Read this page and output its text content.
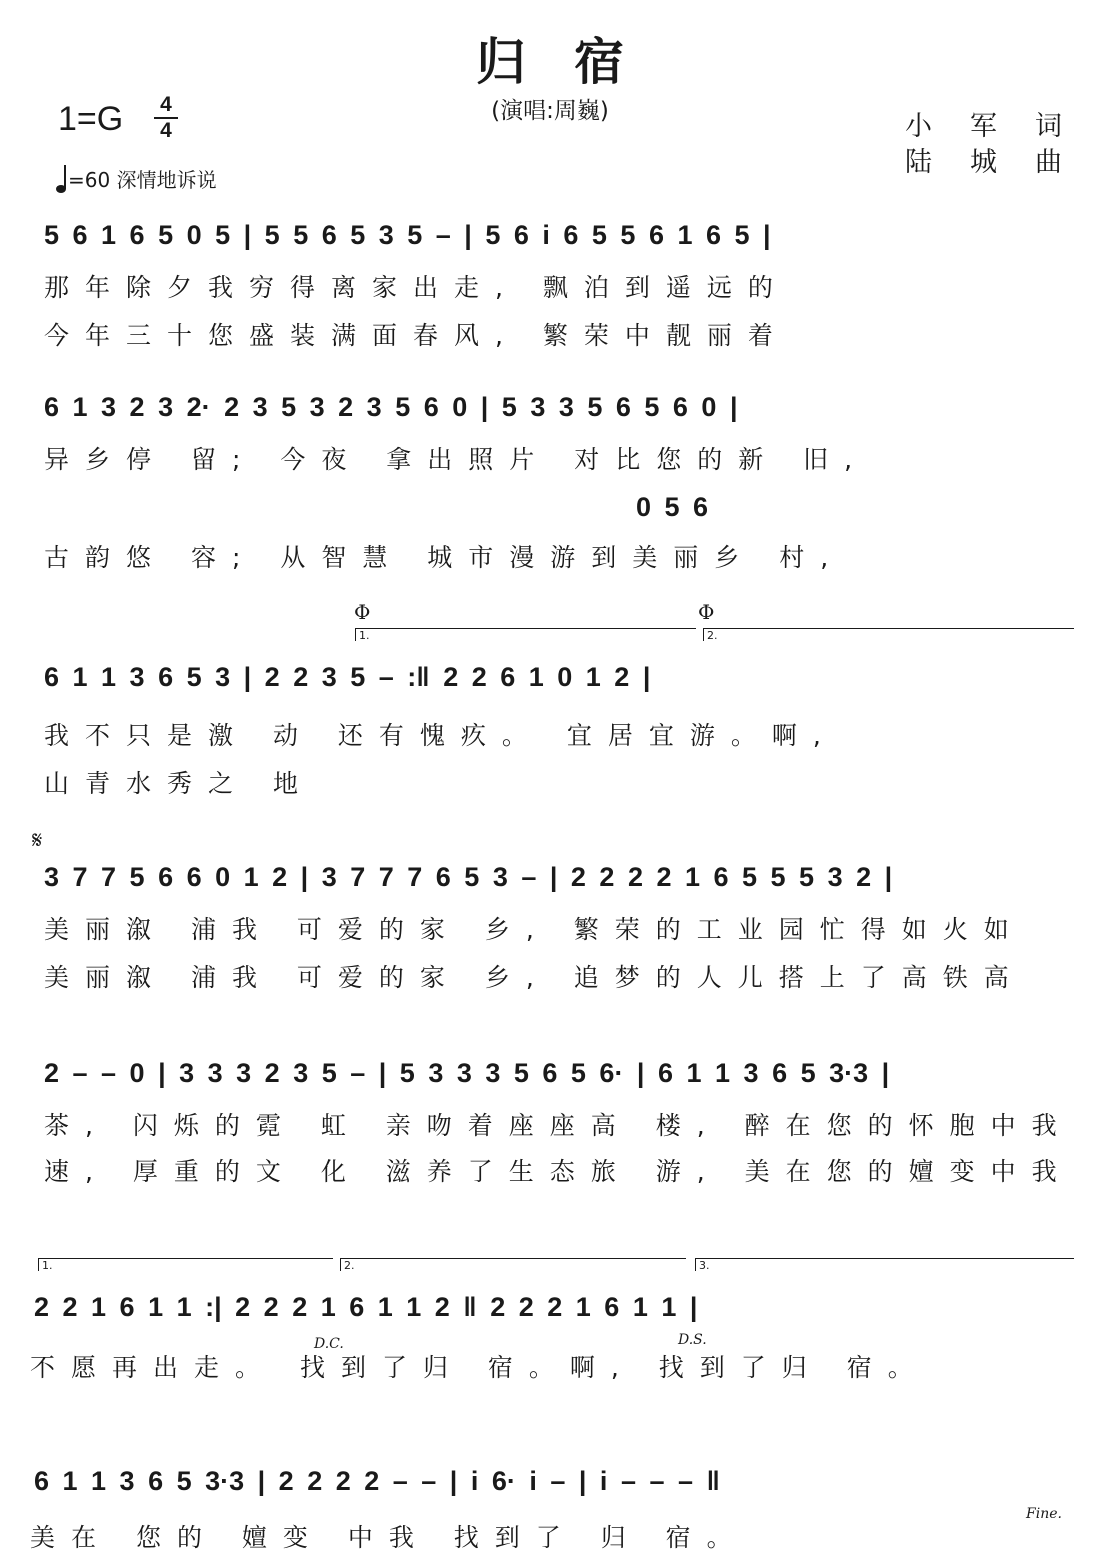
归宿
(演唱:周巍)
1=G 4
4	小军词
陆城曲
=60 深情地诉说
5 6 1 6 5 0 5 | 5 5 6 5 3 5 – | 5 6 i 6 5 5 6 1 6 5 |
那年除夕我穷得离家出走, 飘泊到遥远的
今年三十您盛装满面春风, 繁荣中靓丽着
6 1 3 2 3 2· 2 3 5 3 2 3 5 6 0 | 5 3 3 5 6 5 6 0 |
异乡停 留; 今夜 拿出照片 对比您的新 旧,
0 5 6
古韵悠 容; 从智慧 城市漫游到美丽乡 村,
Φ	Φ
1.	2.
6 1 1 3 6 5 3 | 2 2 3 5 – :‖ 2 2 6 1 0 1 2 |
我不只是激 动 还有愧疚。 宜居宜游。啊,
山青水秀之 地
𝄋
3 7 7 5 6 6 0 1 2 | 3 7 7 7 6 5 3 – | 2 2 2 2 1 6 5 5 5 3 2 |
美丽溆 浦我 可爱的家 乡, 繁荣的工业园忙得如火如
美丽溆 浦我 可爱的家 乡, 追梦的人儿搭上了高铁高
2 – – 0 | 3 3 3 2 3 5 – | 5 3 3 3 5 6 5 6· | 6 1 1 3 6 5 3·3 |
茶, 闪烁的霓 虹 亲吻着座座高 楼, 醉在您的怀胞中我
速, 厚重的文 化 滋养了生态旅 游, 美在您的嬗变中我
1.	2.	3.
2 2 1 6 1 1 :| 2 2 2 1 6 1 1 2 ‖ 2 2 2 1 6 1 1 |
D.C.	D.S.
不愿再出走。 找到了归 宿。啊, 找到了归 宿。
6 1 1 3 6 5 3·3 | 2 2 2 2 – – | i 6· i – | i – – – ‖
Fine.
美在 您的 嬗变 中我 找到了 归 宿。
